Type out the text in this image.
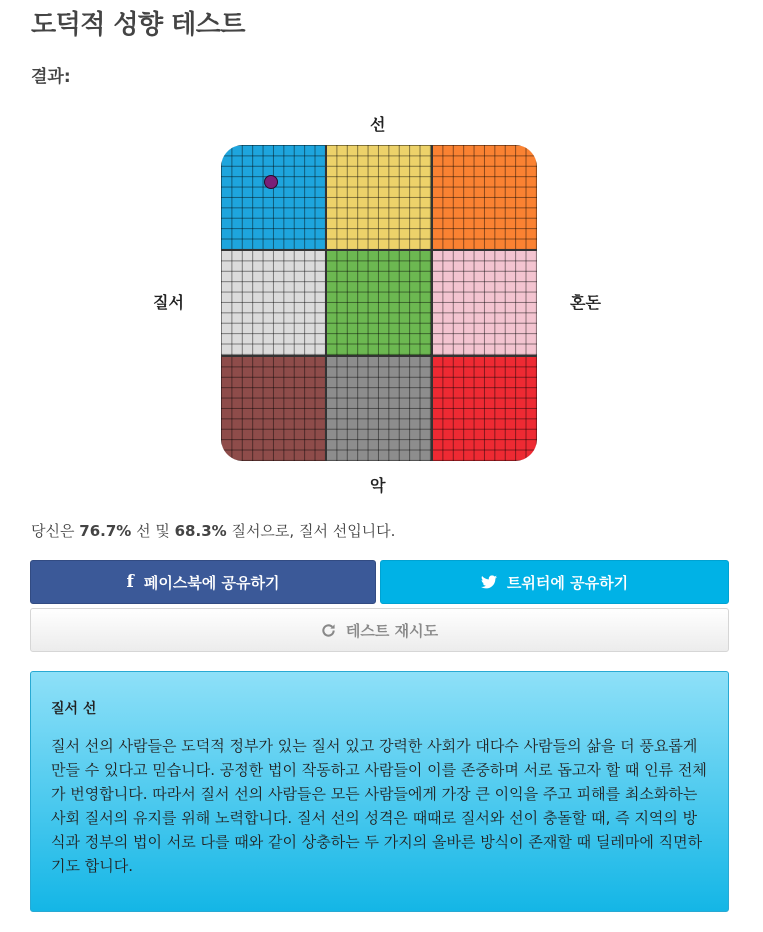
도덕적 성향 테스트
결과:
선
악
질서	혼돈

당신은 76.7% 선 및 68.3% 질서으로, 질서 선입니다.

f 페이스북에 공유하기	트위터에 공유하기
테스트 재시도
질서 선

질서 선의 사람들은 도덕적 정부가 있는 질서 있고 강력한 사회가 대다수 사람들의 삶을 더 풍요롭게 만들 수 있다고 믿습니다. 공정한 법이 작동하고 사람들이 이를 존중하며 서로 돕고자 할 때 인류 전체가 번영합니다. 따라서 질서 선의 사람들은 모든 사람들에게 가장 큰 이익을 주고 피해를 최소화하는 사회 질서의 유지를 위해 노력합니다. 질서 선의 성격은 때때로 질서와 선이 충돌할 때, 즉 지역의 방식과 정부의 법이 서로 다를 때와 같이 상충하는 두 가지의 올바른 방식이 존재할 때 딜레마에 직면하기도 합니다.
